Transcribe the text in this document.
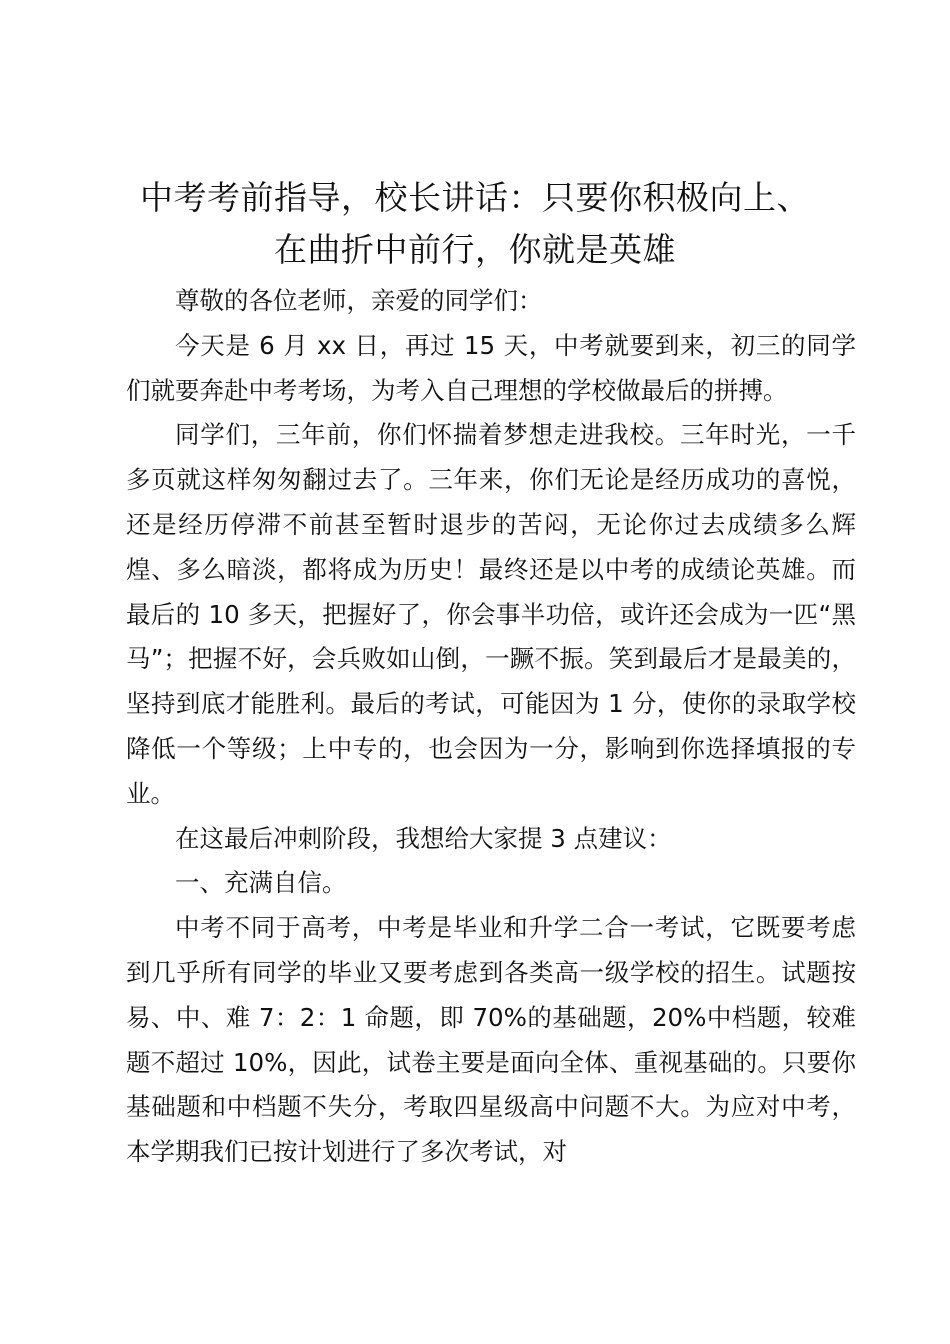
中考考前指导，校长讲话：只要你积极向上、
在曲折中前行，你就是英雄

尊敬的各位老师，亲爱的同学们：

今天是 6 月 xx 日，再过 15 天，中考就要到来，初三的同学们就要奔赴中考考场，为考入自己理想的学校做最后的拼搏。

同学们，三年前，你们怀揣着梦想走进我校。三年时光，一千多页就这样匆匆翻过去了。三年来，你们无论是经历成功的喜悦，还是经历停滞不前甚至暂时退步的苦闷，无论你过去成绩多么辉煌、多么暗淡，都将成为历史！最终还是以中考的成绩论英雄。而最后的 10 多天，把握好了，你会事半功倍，或许还会成为一匹“黑马”；把握不好，会兵败如山倒，一蹶不振。笑到最后才是最美的，坚持到底才能胜利。最后的考试，可能因为 1 分，使你的录取学校降低一个等级；上中专的，也会因为一分，影响到你选择填报的专业。

在这最后冲刺阶段，我想给大家提 3 点建议：

一、充满自信。

中考不同于高考，中考是毕业和升学二合一考试，它既要考虑到几乎所有同学的毕业又要考虑到各类高一级学校的招生。试题按易、中、难 7：2：1 命题，即 70%的基础题，20%中档题，较难题不超过 10%，因此，试卷主要是面向全体、重视基础的。只要你基础题和中档题不失分，考取四星级高中问题不大。为应对中考，本学期我们已按计划进行了多次考试，对
